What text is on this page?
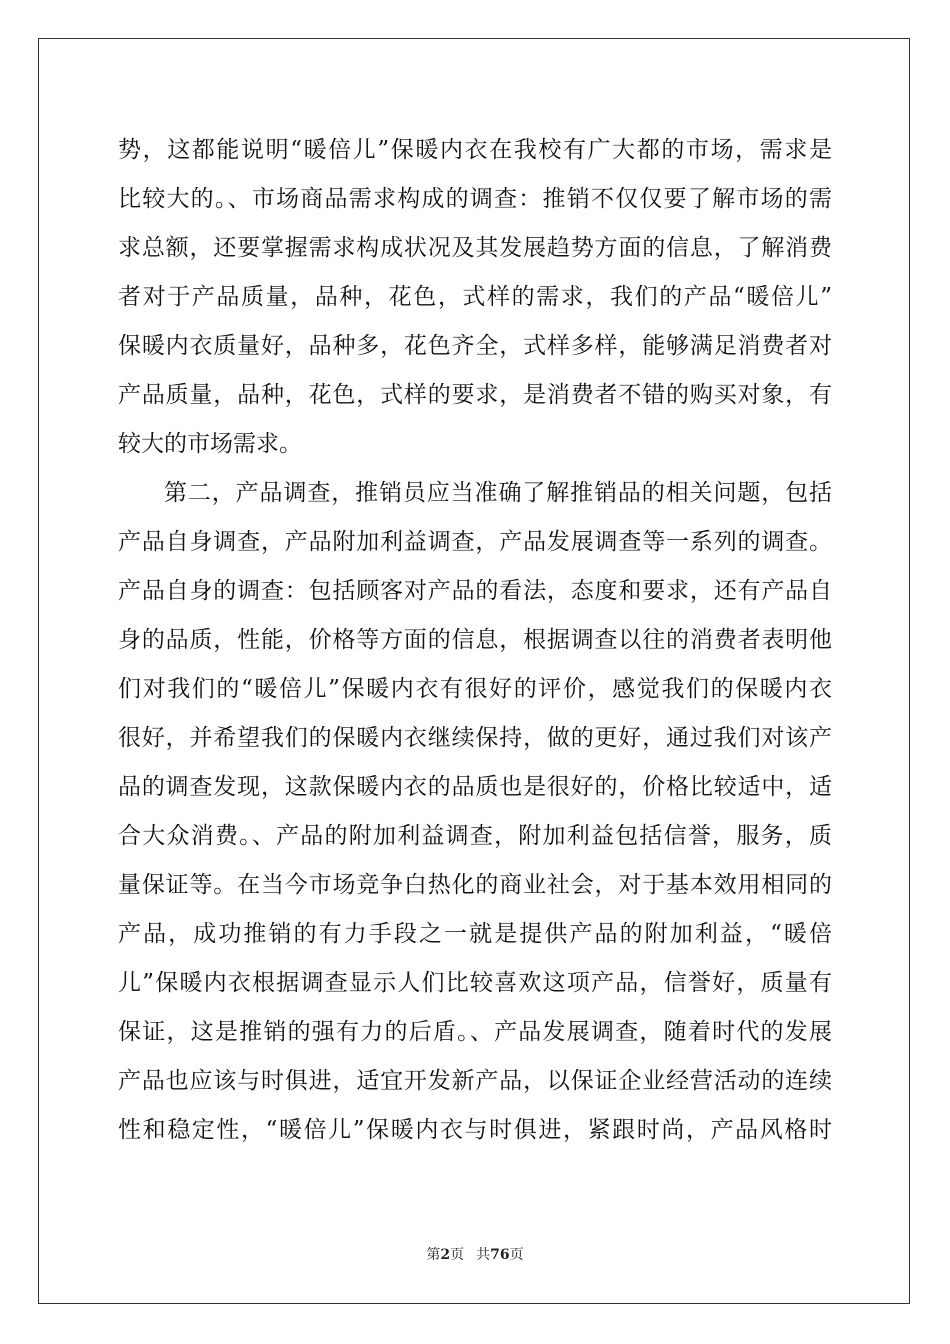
势，这都能说明“暖倍儿”保暖内衣在我校有广大都的市场，需求是
比较大的。、市场商品需求构成的调查：推销不仅仅要了解市场的需
求总额，还要掌握需求构成状况及其发展趋势方面的信息，了解消费
者对于产品质量，品种，花色，式样的需求，我们的产品“暖倍儿”
保暖内衣质量好，品种多，花色齐全，式样多样，能够满足消费者对
产品质量，品种，花色，式样的要求，是消费者不错的购买对象，有
较大的市场需求。
第二，产品调查，推销员应当准确了解推销品的相关问题，包括
产品自身调查，产品附加利益调查，产品发展调查等一系列的调查。
产品自身的调查：包括顾客对产品的看法，态度和要求，还有产品自
身的品质，性能，价格等方面的信息，根据调查以往的消费者表明他
们对我们的“暖倍儿”保暖内衣有很好的评价，感觉我们的保暖内衣
很好，并希望我们的保暖内衣继续保持，做的更好，通过我们对该产
品的调查发现，这款保暖内衣的品质也是很好的，价格比较适中，适
合大众消费。、产品的附加利益调查，附加利益包括信誉，服务，质
量保证等。在当今市场竞争白热化的商业社会，对于基本效用相同的
产品，成功推销的有力手段之一就是提供产品的附加利益，“暖倍
儿”保暖内衣根据调查显示人们比较喜欢这项产品，信誉好，质量有
保证，这是推销的强有力的后盾。、产品发展调查，随着时代的发展
产品也应该与时俱进，适宜开发新产品，以保证企业经营活动的连续
性和稳定性，“暖倍儿”保暖内衣与时俱进，紧跟时尚，产品风格时
第2页 共76页
